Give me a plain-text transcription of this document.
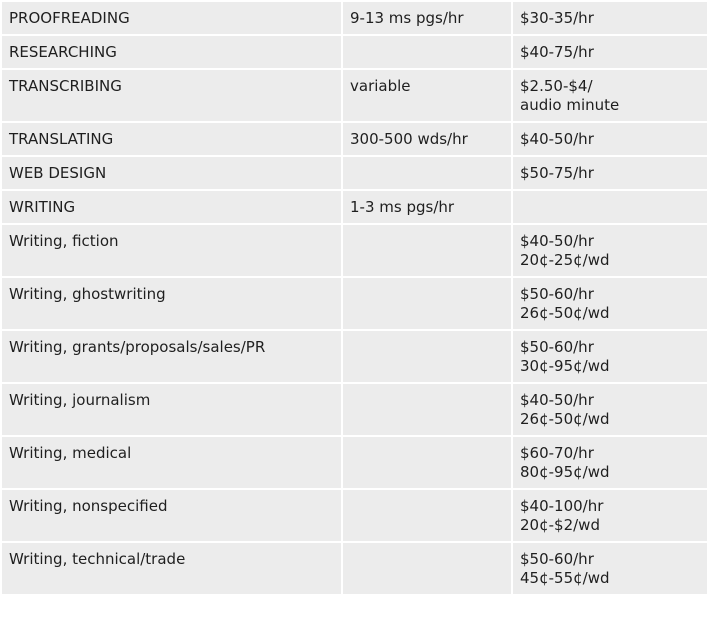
PROOFREADING	9-13 ms pgs/hr	$30-35/hr

RESEARCHING		$40-75/hr

TRANSCRIBING	variable	$2.50-$4/
audio minute

TRANSLATING	300-500 wds/hr	$40-50/hr

WEB DESIGN		$50-75/hr

WRITING	1-3 ms pgs/hr	
Writing, fiction		$40-50/hr
20¢-25¢/wd

Writing, ghostwriting		$50-60/hr
26¢-50¢/wd

Writing, grants/proposals/sales/PR		$50-60/hr
30¢-95¢/wd

Writing, journalism		$40-50/hr
26¢-50¢/wd

Writing, medical		$60-70/hr
80¢-95¢/wd

Writing, nonspecified		$40-100/hr
20¢-$2/wd

Writing, technical/trade		$50-60/hr
45¢-55¢/wd
